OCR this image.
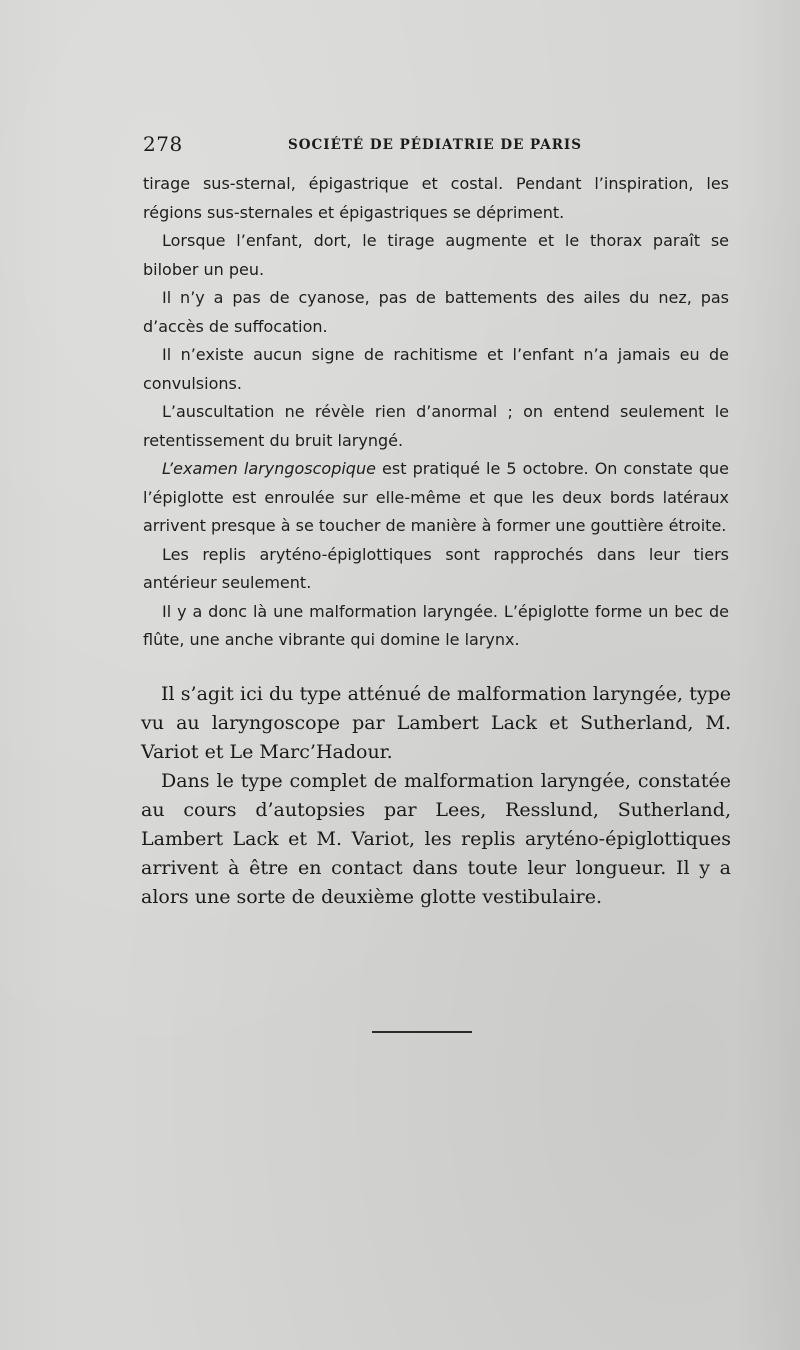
278	SOCIÉTÉ DE PÉDIATRIE DE PARIS

tirage sus-sternal, épigastrique et costal. Pendant l’inspiration, les régions sus-sternales et épigastriques se dépriment.

Lorsque l’enfant, dort, le tirage augmente et le thorax paraît se bilober un peu.

Il n’y a pas de cyanose, pas de battements des ailes du nez, pas d’accès de suffocation.

Il n’existe aucun signe de rachitisme et l’enfant n’a jamais eu de convulsions.

L’auscultation ne révèle rien d’anormal ; on entend seulement le retentissement du bruit laryngé.

L’examen laryngoscopique est pratiqué le 5 octobre. On constate que l’épiglotte est enroulée sur elle-même et que les deux bords latéraux arrivent presque à se toucher de manière à former une gouttière étroite.

Les replis aryténo-épiglottiques sont rapprochés dans leur tiers antérieur seulement.

Il y a donc là une malformation laryngée. L’épiglotte forme un bec de flûte, une anche vibrante qui domine le larynx.

Il s’agit ici du type atténué de malformation laryngée, type vu au laryngoscope par Lambert Lack et Sutherland, M. Variot et Le Marc’Hadour.

Dans le type complet de malformation laryngée, constatée au cours d’autopsies par Lees, Resslund, Sutherland, Lambert Lack et M. Variot, les replis aryténo-épiglottiques arrivent à être en contact dans toute leur longueur. Il y a alors une sorte de deuxième glotte vestibulaire.
